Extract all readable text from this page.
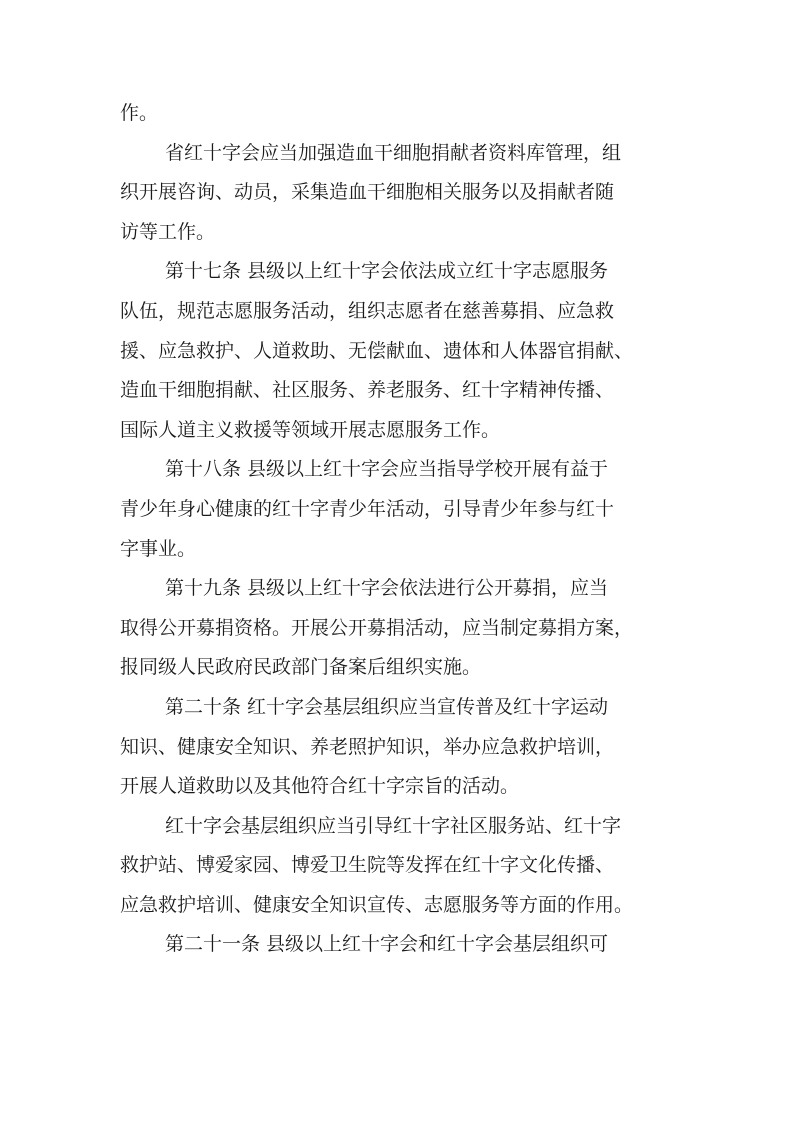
作。
省红十字会应当加强造血干细胞捐献者资料库管理，组
织开展咨询、动员，采集造血干细胞相关服务以及捐献者随
访等工作。
第十七条 县级以上红十字会依法成立红十字志愿服务
队伍，规范志愿服务活动，组织志愿者在慈善募捐、应急救
援、应急救护、人道救助、无偿献血、遗体和人体器官捐献、
造血干细胞捐献、社区服务、养老服务、红十字精神传播、
国际人道主义救援等领域开展志愿服务工作。
第十八条 县级以上红十字会应当指导学校开展有益于
青少年身心健康的红十字青少年活动，引导青少年参与红十
字事业。
第十九条 县级以上红十字会依法进行公开募捐，应当
取得公开募捐资格。开展公开募捐活动，应当制定募捐方案，
报同级人民政府民政部门备案后组织实施。
第二十条 红十字会基层组织应当宣传普及红十字运动
知识、健康安全知识、养老照护知识，举办应急救护培训，
开展人道救助以及其他符合红十字宗旨的活动。
红十字会基层组织应当引导红十字社区服务站、红十字
救护站、博爱家园、博爱卫生院等发挥在红十字文化传播、
应急救护培训、健康安全知识宣传、志愿服务等方面的作用。
第二十一条 县级以上红十字会和红十字会基层组织可
